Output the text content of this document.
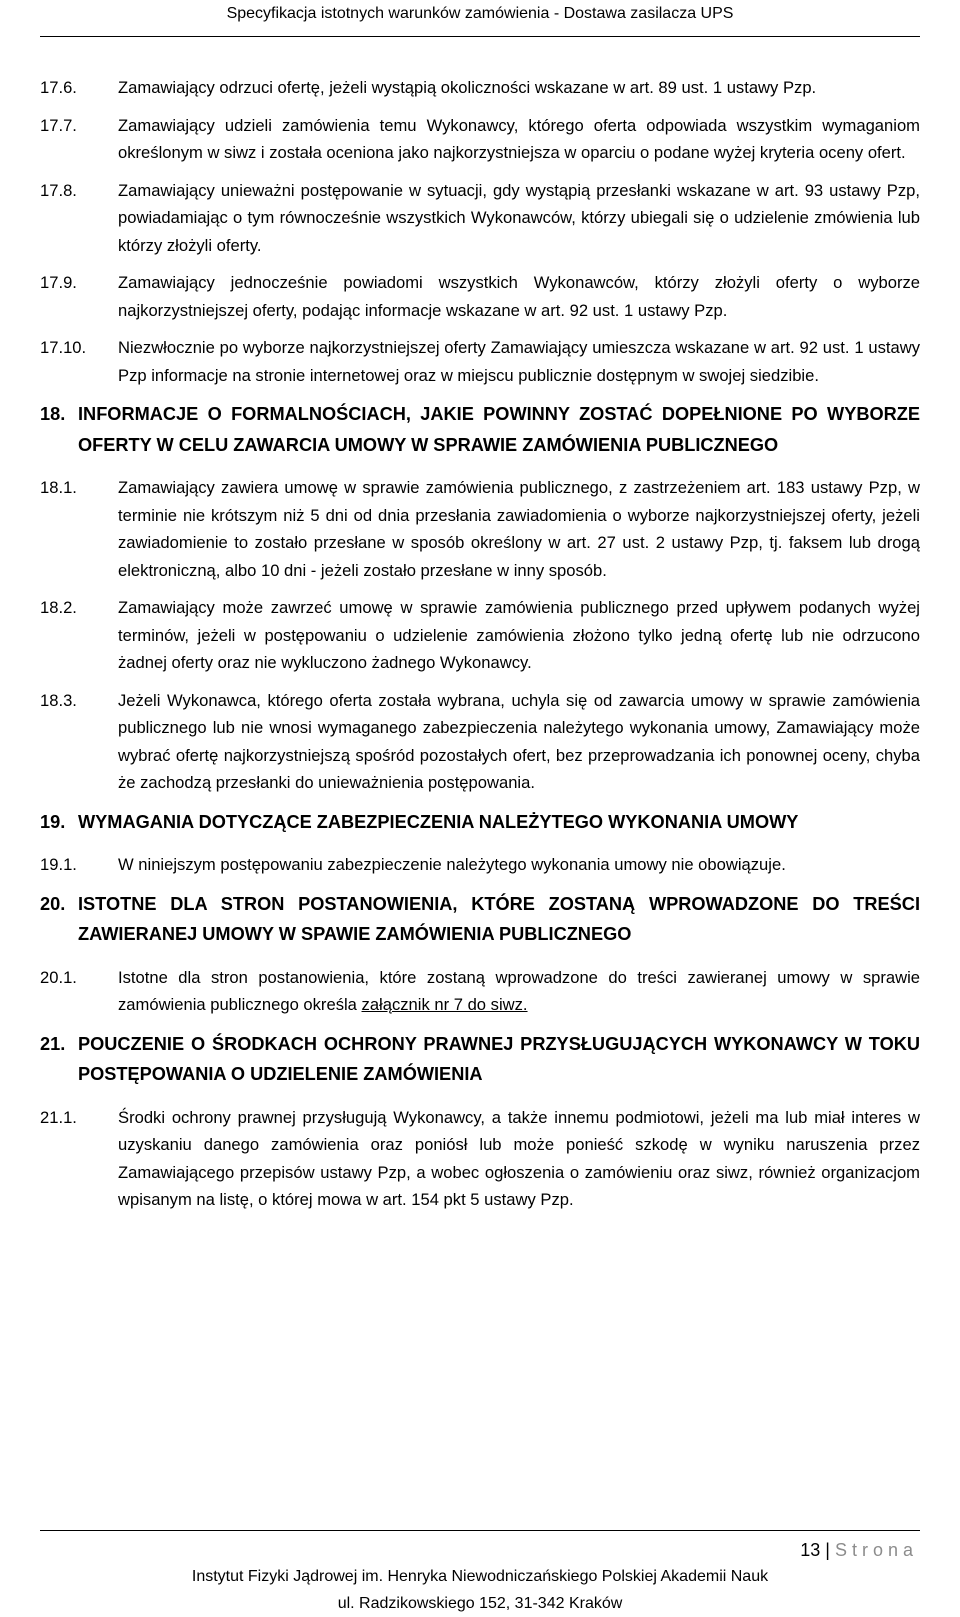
Specyfikacja istotnych warunków zamówienia - Dostawa zasilacza UPS
17.6.	Zamawiający odrzuci ofertę, jeżeli wystąpią okoliczności wskazane w art. 89 ust. 1 ustawy Pzp.
17.7.	Zamawiający udzieli zamówienia temu Wykonawcy, którego oferta odpowiada wszystkim wymaganiom określonym w siwz i została oceniona jako najkorzystniejsza w oparciu o podane wyżej kryteria oceny ofert.
17.8.	Zamawiający unieważni postępowanie w sytuacji, gdy wystąpią przesłanki wskazane w art. 93 ustawy Pzp, powiadamiając o tym równocześnie wszystkich Wykonawców, którzy ubiegali się o udzielenie zmówienia lub którzy złożyli oferty.
17.9.	Zamawiający jednocześnie powiadomi wszystkich Wykonawców, którzy złożyli oferty o wyborze najkorzystniejszej oferty, podając informacje wskazane w art. 92 ust. 1 ustawy Pzp.
17.10.	Niezwłocznie po wyborze najkorzystniejszej oferty Zamawiający umieszcza wskazane w art. 92 ust. 1 ustawy Pzp informacje na stronie internetowej oraz w miejscu publicznie dostępnym w swojej siedzibie.
18. INFORMACJE O FORMALNOŚCIACH, JAKIE POWINNY ZOSTAĆ DOPEŁNIONE PO WYBORZE OFERTY W CELU ZAWARCIA UMOWY W SPRAWIE ZAMÓWIENIA PUBLICZNEGO
18.1.	Zamawiający zawiera umowę w sprawie zamówienia publicznego, z zastrzeżeniem art. 183 ustawy Pzp, w terminie nie krótszym niż 5 dni od dnia przesłania zawiadomienia o wyborze najkorzystniejszej oferty, jeżeli zawiadomienie to zostało przesłane w sposób określony w art. 27 ust. 2 ustawy Pzp, tj. faksem lub drogą elektroniczną, albo 10 dni - jeżeli zostało przesłane w inny sposób.
18.2.	Zamawiający może zawrzeć umowę w sprawie zamówienia publicznego przed upływem podanych wyżej terminów, jeżeli w postępowaniu o udzielenie zamówienia złożono tylko jedną ofertę lub nie odrzucono żadnej oferty oraz nie wykluczono żadnego Wykonawcy.
18.3.	Jeżeli Wykonawca, którego oferta została wybrana, uchyla się od zawarcia umowy w sprawie zamówienia publicznego lub nie wnosi wymaganego zabezpieczenia należytego wykonania umowy, Zamawiający może wybrać ofertę najkorzystniejszą spośród pozostałych ofert, bez przeprowadzania ich ponownej oceny, chyba że zachodzą przesłanki do unieważnienia postępowania.
19. WYMAGANIA DOTYCZĄCE ZABEZPIECZENIA NALEŻYTEGO WYKONANIA UMOWY
19.1.	W niniejszym postępowaniu zabezpieczenie należytego wykonania umowy nie obowiązuje.
20. ISTOTNE DLA STRON POSTANOWIENIA, KTÓRE ZOSTANĄ WPROWADZONE DO TREŚCI ZAWIERANEJ UMOWY W SPAWIE ZAMÓWIENIA PUBLICZNEGO
20.1.	Istotne dla stron postanowienia, które zostaną wprowadzone do treści zawieranej umowy w sprawie zamówienia publicznego określa załącznik nr 7 do siwz.
21. POUCZENIE O ŚRODKACH OCHRONY PRAWNEJ PRZYSŁUGUJĄCYCH WYKONAWCY W TOKU POSTĘPOWANIA O UDZIELENIE ZAMÓWIENIA
21.1.	Środki ochrony prawnej przysługują Wykonawcy, a także innemu podmiotowi, jeżeli ma lub miał interes w uzyskaniu danego zamówienia oraz poniósł lub może ponieść szkodę w wyniku naruszenia przez Zamawiającego przepisów ustawy Pzp, a wobec ogłoszenia o zamówieniu oraz siwz, również organizacjom wpisanym na listę, o której mowa w art. 154 pkt 5 ustawy Pzp.
13 | Strona
Instytut Fizyki Jądrowej im. Henryka Niewodniczańskiego Polskiej Akademii Nauk
ul. Radzikowskiego 152, 31-342 Kraków
